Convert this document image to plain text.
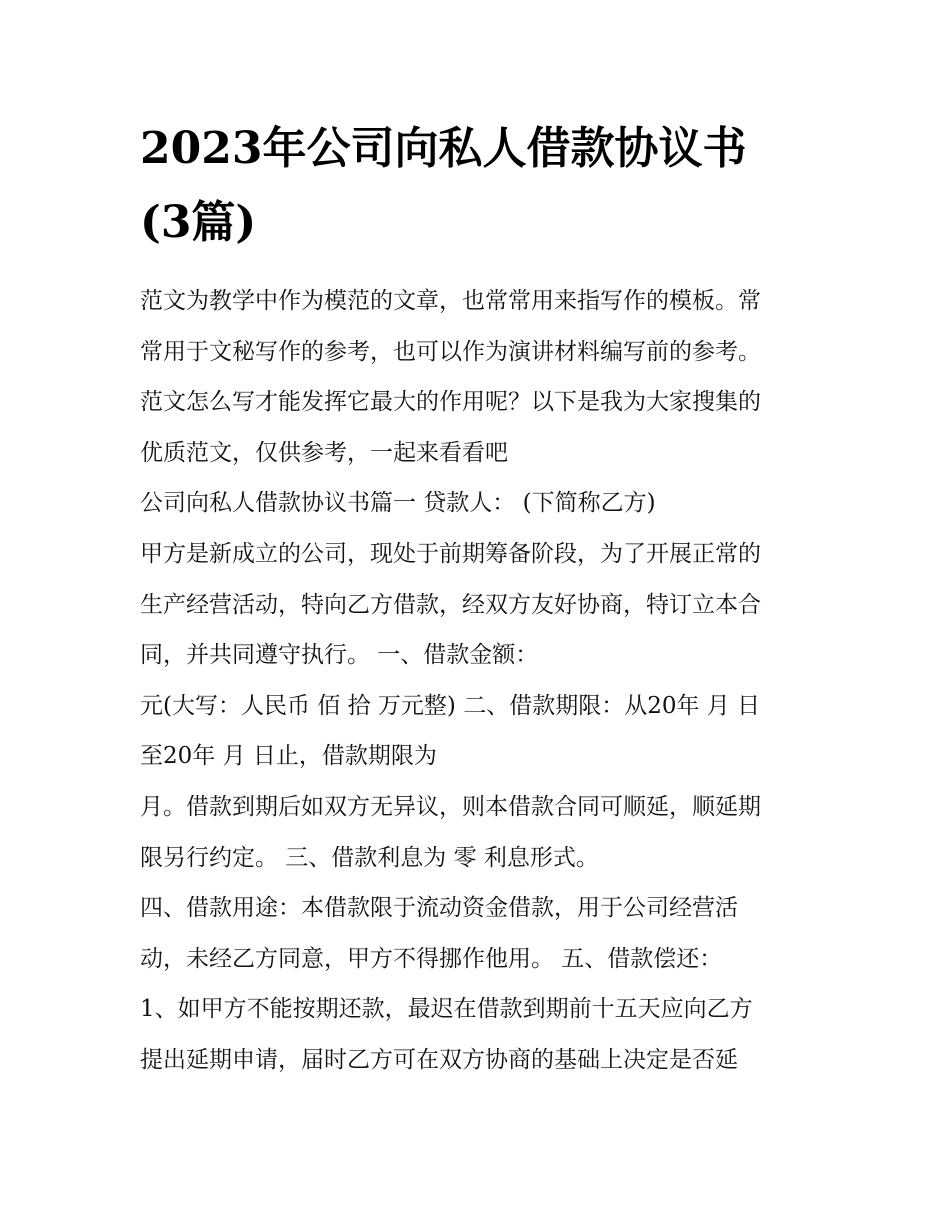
2023年公司向私人借款协议书
(3篇)

范文为教学中作为模范的文章，也常常用来指写作的模板。常

常用于文秘写作的参考，也可以作为演讲材料编写前的参考。

范文怎么写才能发挥它最大的作用呢？以下是我为大家搜集的

优质范文，仅供参考，一起来看看吧

公司向私人借款协议书篇一 贷款人： (下简称乙方)

甲方是新成立的公司，现处于前期筹备阶段，为了开展正常的

生产经营活动，特向乙方借款，经双方友好协商，特订立本合

同，并共同遵守执行。 一、借款金额：

元(大写：人民币 佰 拾 万元整) 二、借款期限：从20年 月 日

至20年 月 日止，借款期限为

月。借款到期后如双方无异议，则本借款合同可顺延，顺延期

限另行约定。 三、借款利息为 零 利息形式。

四、借款用途：本借款限于流动资金借款，用于公司经营活

动，未经乙方同意，甲方不得挪作他用。 五、借款偿还：

1、如甲方不能按期还款，最迟在借款到期前十五天应向乙方

提出延期申请，届时乙方可在双方协商的基础上决定是否延
